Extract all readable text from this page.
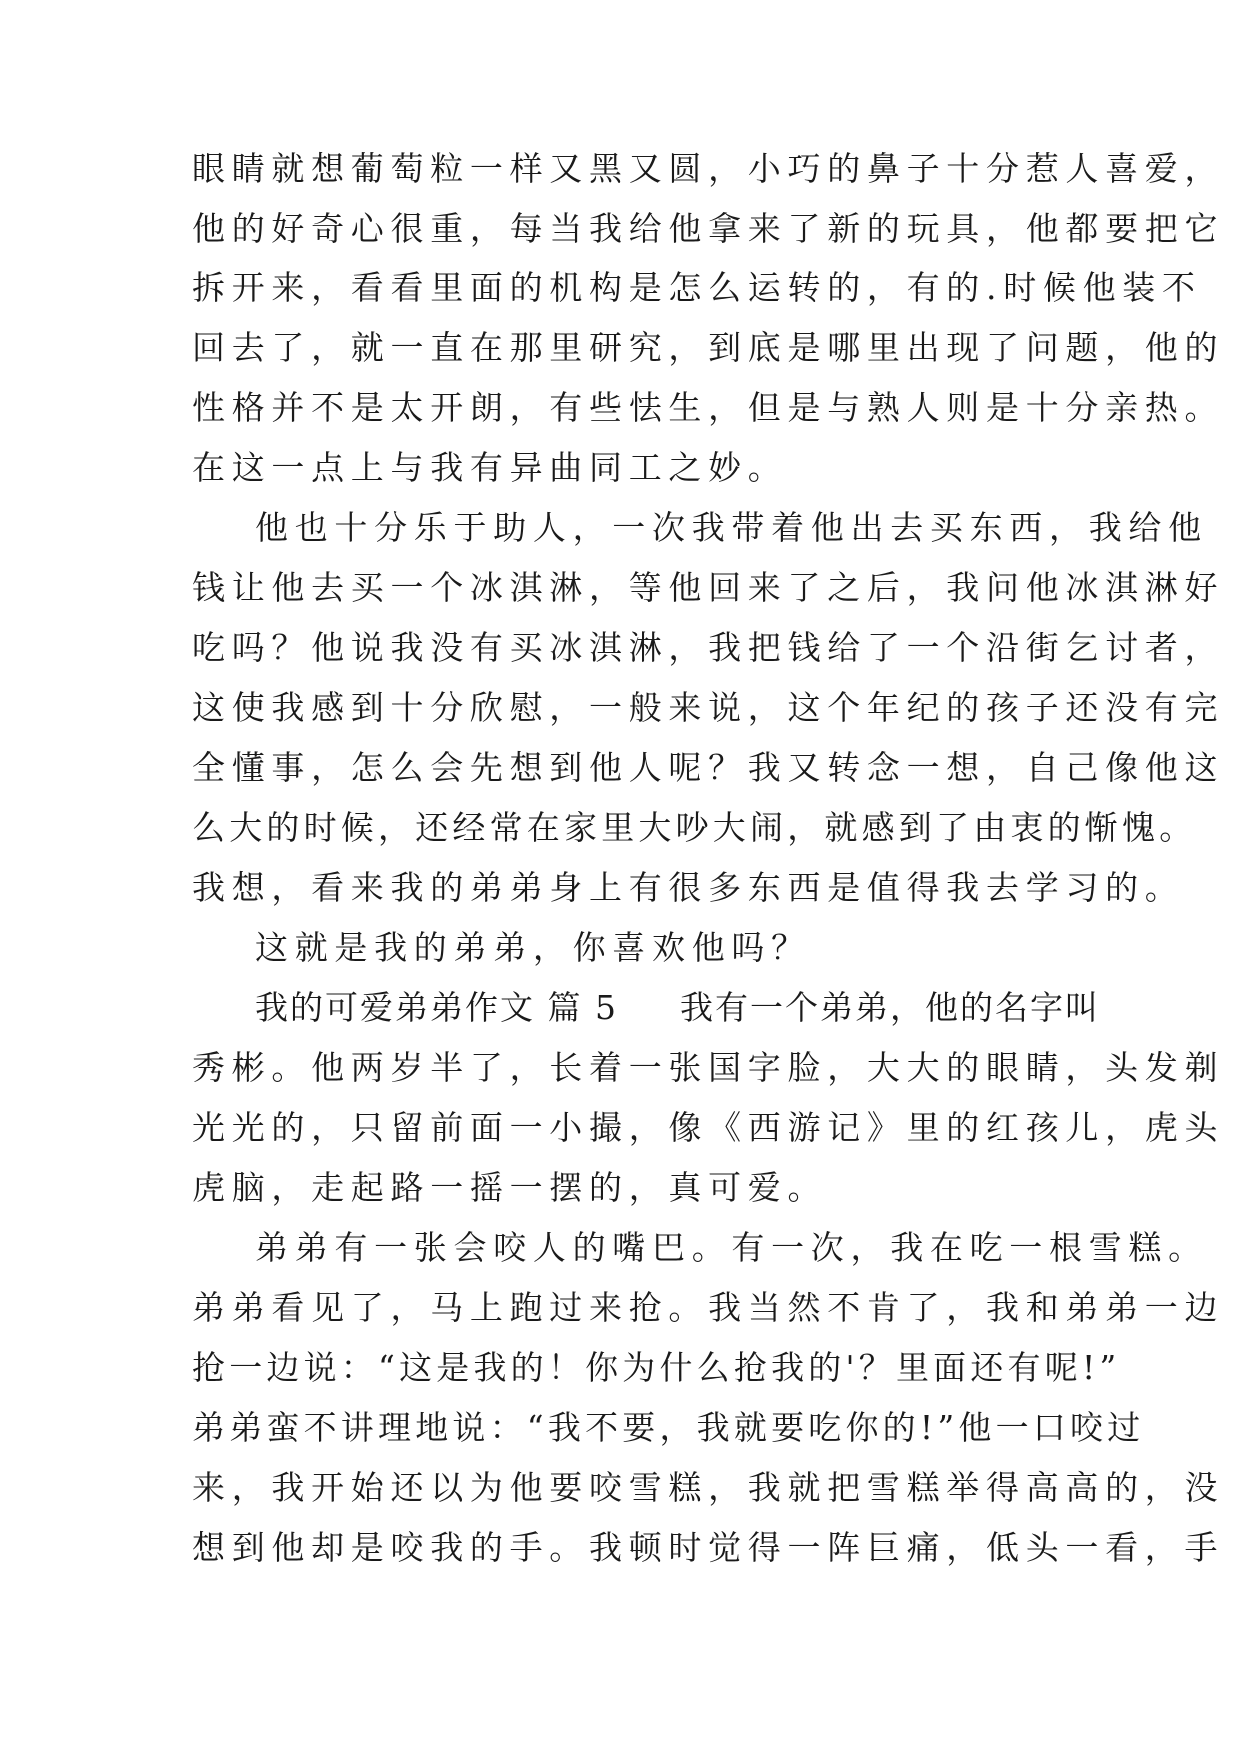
眼睛就想葡萄粒一样又黑又圆，小巧的鼻子十分惹人喜爱，
他的好奇心很重，每当我给他拿来了新的玩具，他都要把它
拆开来，看看里面的机构是怎么运转的，有的.时候他装不
回去了，就一直在那里研究，到底是哪里出现了问题，他的
性格并不是太开朗，有些怯生，但是与熟人则是十分亲热。
在这一点上与我有异曲同工之妙。
他也十分乐于助人，一次我带着他出去买东西，我给他
钱让他去买一个冰淇淋，等他回来了之后，我问他冰淇淋好
吃吗？他说我没有买冰淇淋，我把钱给了一个沿街乞讨者，
这使我感到十分欣慰，一般来说，这个年纪的孩子还没有完
全懂事，怎么会先想到他人呢？我又转念一想，自己像他这
么大的时候，还经常在家里大吵大闹，就感到了由衷的惭愧。
我想，看来我的弟弟身上有很多东西是值得我去学习的。
这就是我的弟弟，你喜欢他吗？
我的可爱弟弟作文 篇 5 我有一个弟弟，他的名字叫
秀彬。他两岁半了，长着一张国字脸，大大的眼睛，头发剃
光光的，只留前面一小撮，像《西游记》里的红孩儿，虎头
虎脑，走起路一摇一摆的，真可爱。
弟弟有一张会咬人的嘴巴。有一次，我在吃一根雪糕。
弟弟看见了，马上跑过来抢。我当然不肯了，我和弟弟一边
抢一边说：“这是我的！你为什么抢我的'？里面还有呢!”
弟弟蛮不讲理地说：“我不要，我就要吃你的!”他一口咬过
来，我开始还以为他要咬雪糕，我就把雪糕举得高高的，没
想到他却是咬我的手。我顿时觉得一阵巨痛，低头一看，手
